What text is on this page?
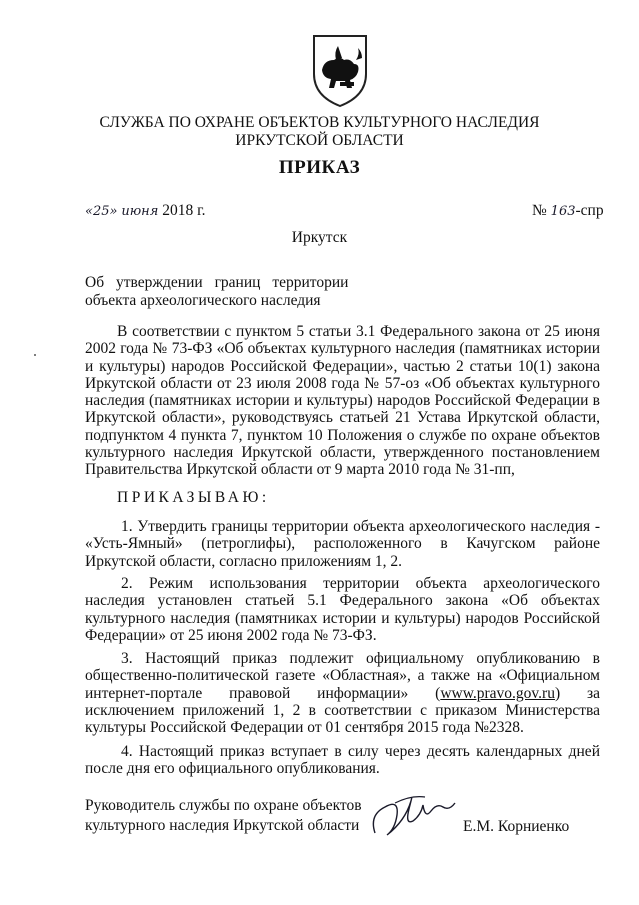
СЛУЖБА ПО ОХРАНЕ ОБЪЕКТОВ КУЛЬТУРНОГО НАСЛЕДИЯ
ИРКУТСКОЙ ОБЛАСТИ
ПРИКАЗ
«25» июня 2018 г.	№ 163-спр
Иркутск
Об утверждении границ территории
объекта археологического наследия
В соответствии с пунктом 5 статьи 3.1 Федерального закона от 25 июня 2002 года № 73-ФЗ «Об объектах культурного наследия (памятниках истории и культуры) народов Российской Федерации», частью 2 статьи 10(1) закона Иркутской области от 23 июля 2008 года № 57-оз «Об объектах культурного наследия (памятниках истории и культуры) народов Российской Федерации в Иркутской области», руководствуясь статьей 21 Устава Иркутской области, подпунктом 4 пункта 7, пунктом 10 Положения о службе по охране объектов культурного наследия Иркутской области, утвержденного постановлением Правительства Иркутской области от 9 марта 2010 года № 31-пп,
ПРИКАЗЫВАЮ:
1. Утвердить границы территории объекта археологического наследия - «Усть-Ямный» (петроглифы), расположенного в Качугском районе Иркутской области, согласно приложениям 1, 2.
2. Режим использования территории объекта археологического наследия установлен статьей 5.1 Федерального закона «Об объектах культурного наследия (памятниках истории и культуры) народов Российской Федерации» от 25 июня 2002 года № 73-ФЗ.
3. Настоящий приказ подлежит официальному опубликованию в общественно-политической газете «Областная», а также на «Официальном интернет-портале правовой информации» (www.pravo.gov.ru) за исключением приложений 1, 2 в соответствии с приказом Министерства культуры Российской Федерации от 01 сентября 2015 года №2328.
4. Настоящий приказ вступает в силу через десять календарных дней после дня его официального опубликования.
Руководитель службы по охране объектов
культурного наследия Иркутской области	Е.М. Корниенко
